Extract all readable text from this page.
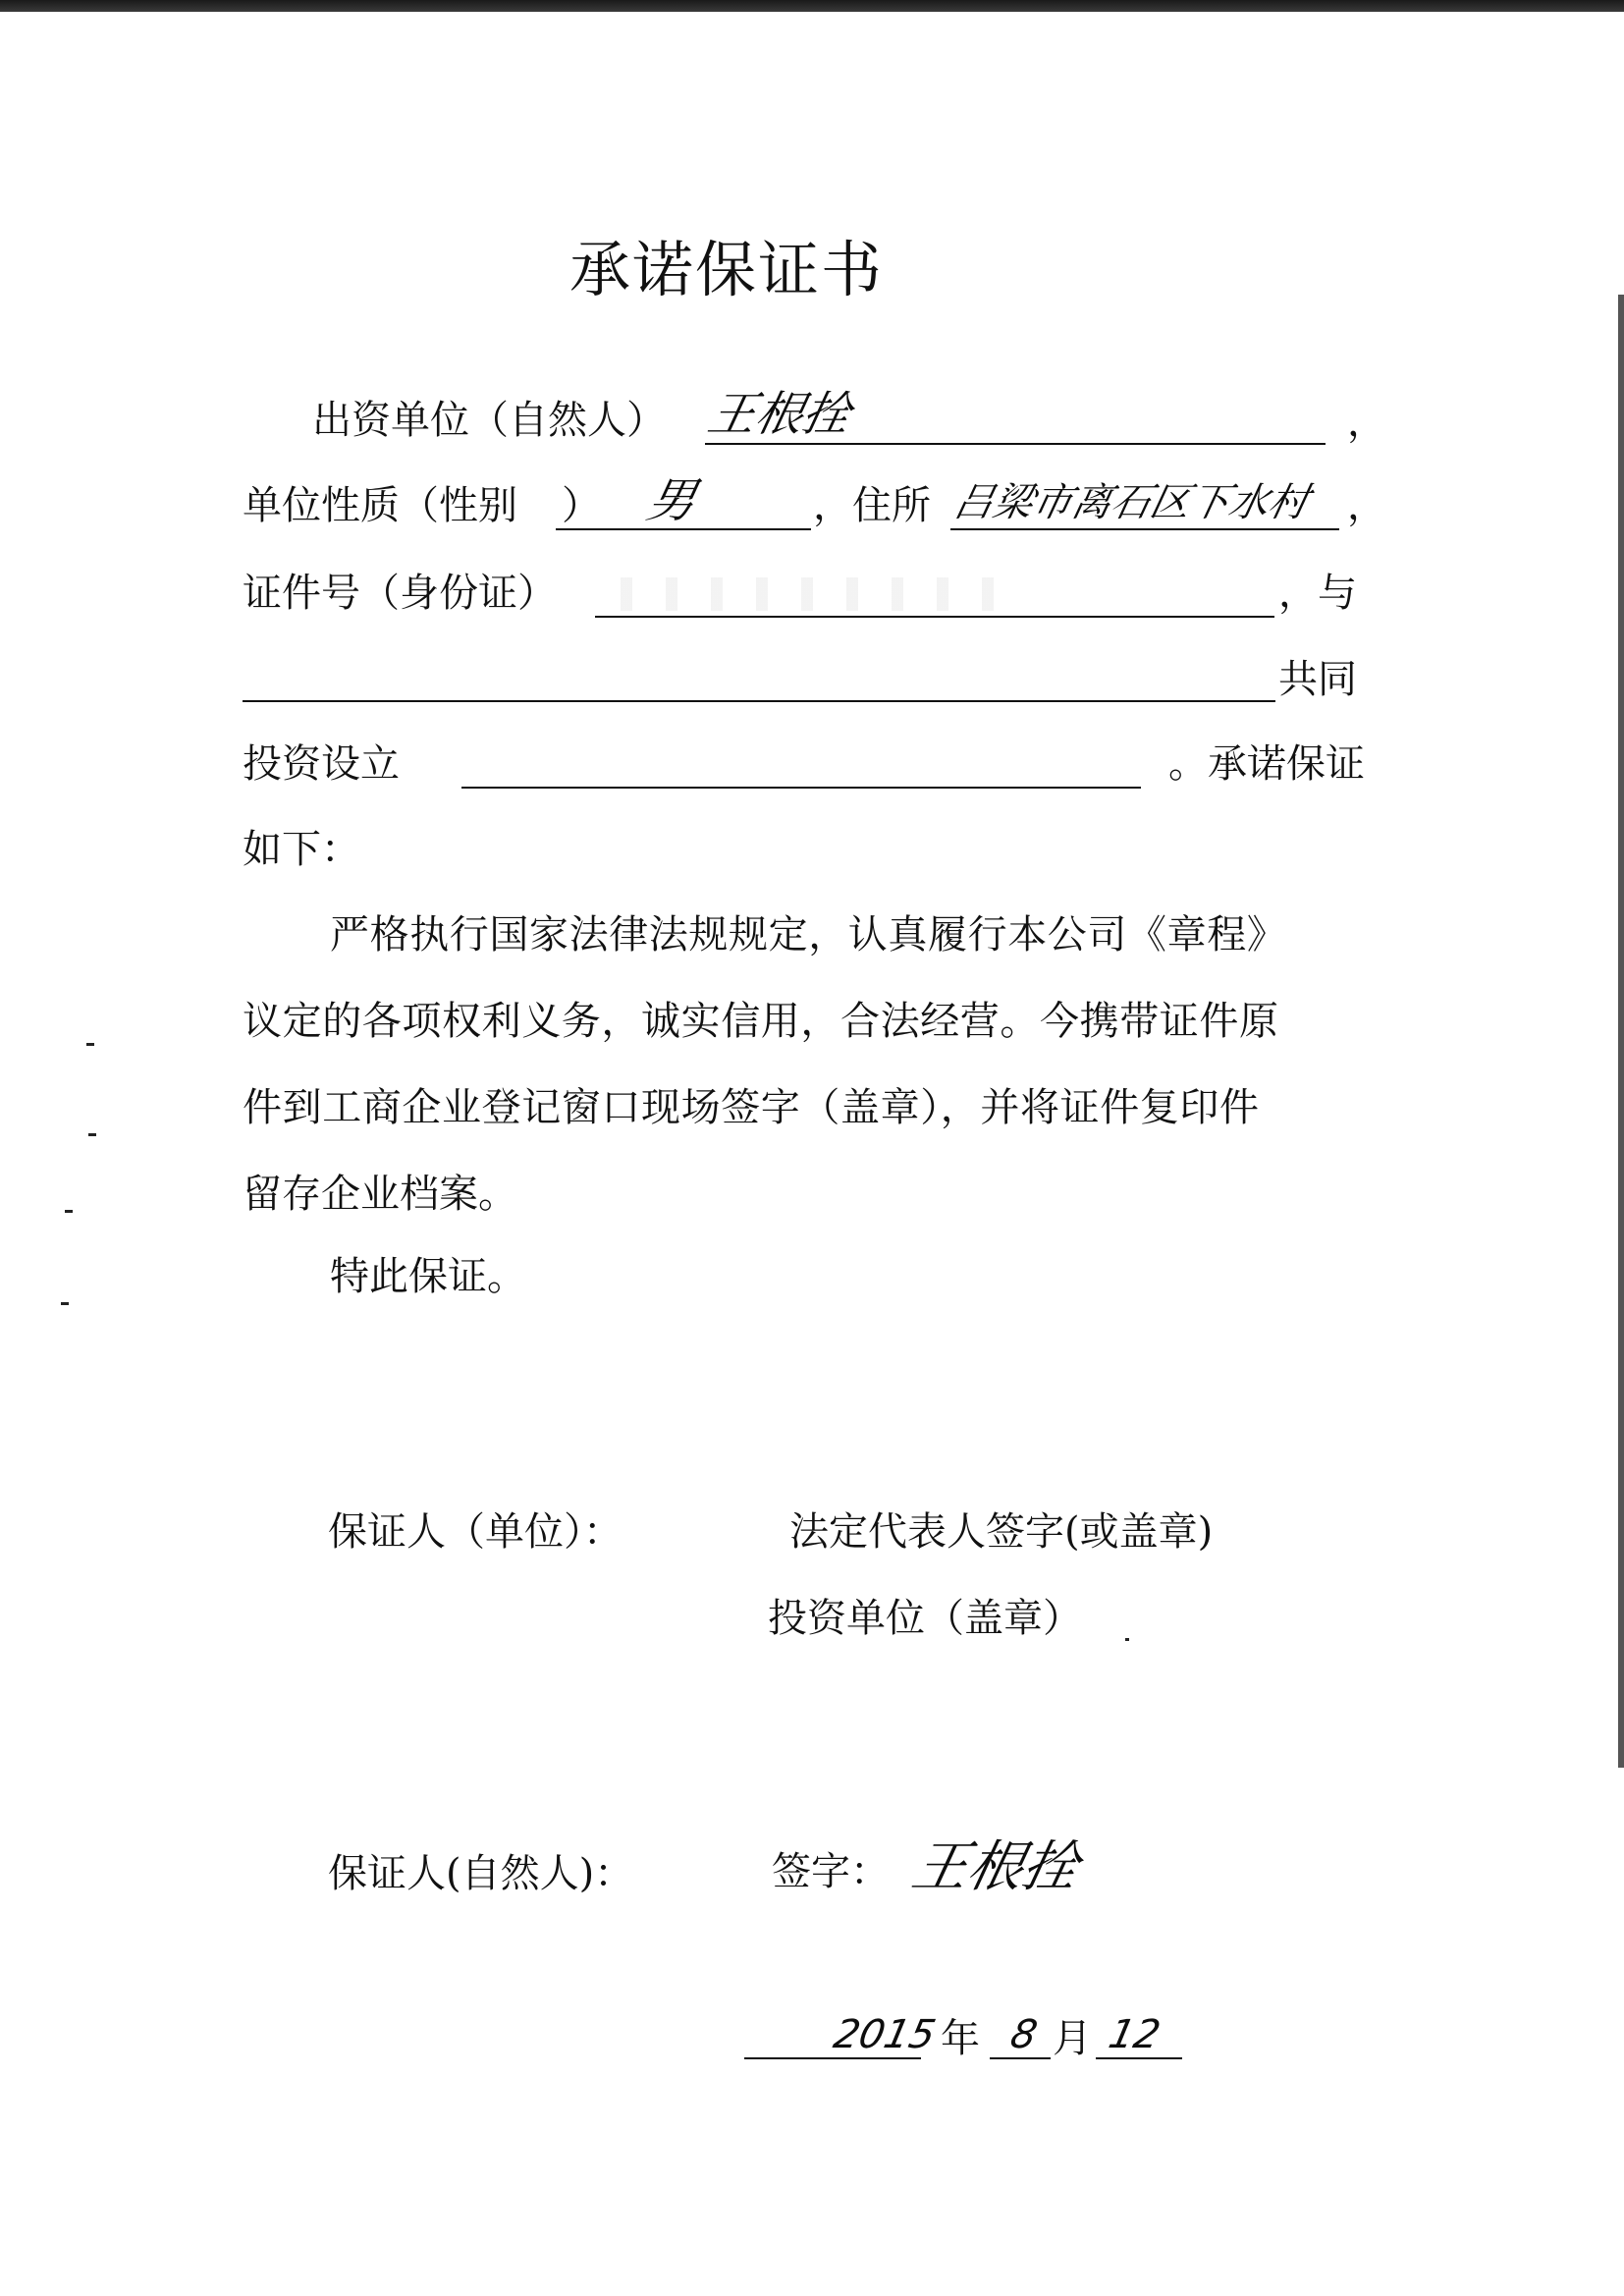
承诺保证书
出资单位（自然人） 王根拴	，
单位性质（性别 ） 男	，住所 吕梁市离石区下水村 ，
证件号（身份证）	，与
共同
投资设立	。承诺保证
如下：
严格执行国家法律法规规定，认真履行本公司《章程》
议定的各项权利义务，诚实信用，合法经营。今携带证件原
件到工商企业登记窗口现场签字（盖章），并将证件复印件
留存企业档案。
特此保证。
保证人（单位）：	法定代表人签字(或盖章)
投资单位（盖章）
保证人(自然人)：	签字： 王根拴
2015 年 8 月 12
